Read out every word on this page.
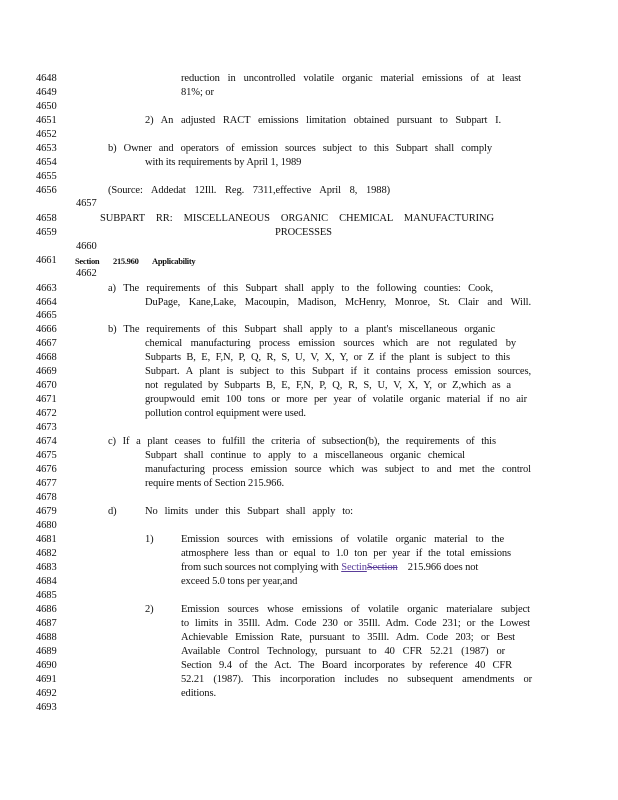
4648
4649
4650
4651
4652
4653
4654
4655
4656
4657
4658
4659
4660
4661
4662
4663
4664
4665
4666
4667
4668
4669
4670
4671
4672
4673
4674
4675
4676
4677
4678
4679
4680
4681
4682
4683
4684
4685
4686
4687
4688
4689
4690
4691
4692
4693
reduction in uncontrolled volatile organic material emissions of at least
81%; or
2) An adjusted RACT emissions limitation obtained pursuant to Subpart I.
b) Owner and operators of emission sources subject to this Subpart shall comply
with its requirements by April 1, 1989
(Source: Addedat 12Ill. Reg. 7311,effective April 8, 1988)
SUBPART RR: MISCELLANEOUS ORGANIC CHEMICAL MANUFACTURING
PROCESSES
Section 215.960 Applicability
a) The requirements of this Subpart shall apply to the following counties: Cook,
DuPage, Kane,Lake, Macoupin, Madison, McHenry, Monroe, St. Clair and Will.
b) The requirements of this Subpart shall apply to a plant's miscellaneous organic
chemical manufacturing process emission sources which are not regulated by
Subparts B, E, F,N, P, Q, R, S, U, V, X, Y, or Z if the plant is subject to this
Subpart. A plant is subject to this Subpart if it contains process emission sources,
not regulated by Subparts B, E, F,N, P, Q, R, S, U, V, X, Y, or Z,which as a
groupwould emit 100 tons or more per year of volatile organic material if no air
pollution control equipment were used.
c) If a plant ceases to fulfill the criteria of subsection(b), the requirements of this
Subpart shall continue to apply to a miscellaneous organic chemical
manufacturing process emission source which was subject to and met the control
require ments of Section 215.966.
d)	No limits under this Subpart shall apply to:
1)	Emission sources with emissions of volatile organic material to the
atmosphere less than or equal to 1.0 ton per year if the total emissions
from such sources not complying with SectinSection 215.966 does not
exceed 5.0 tons per year,and
2)	Emission sources whose emissions of volatile organic materialare subject
to limits in 35Ill. Adm. Code 230 or 35Ill. Adm. Code 231; or the Lowest
Achievable Emission Rate, pursuant to 35Ill. Adm. Code 203; or Best
Available Control Technology, pursuant to 40 CFR 52.21 (1987) or
Section 9.4 of the Act. The Board incorporates by reference 40 CFR
52.21 (1987). This incorporation includes no subsequent amendments or
editions.
